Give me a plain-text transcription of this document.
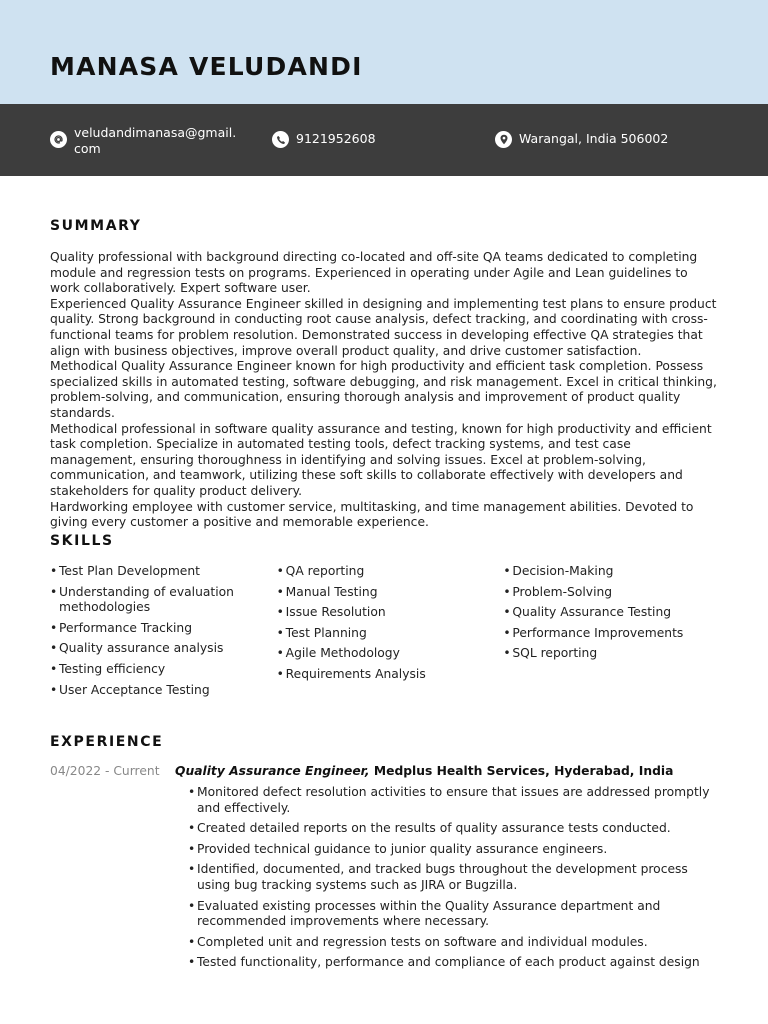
MANASA VELUDANDI
veludandimanasa@gmail.com
9121952608	Warangal, India 506002
SUMMARY

Quality professional with background directing co-located and off-site QA teams dedicated to completing module and regression tests on programs. Experienced in operating under Agile and Lean guidelines to work collaboratively. Expert software user.

Experienced Quality Assurance Engineer skilled in designing and implementing test plans to ensure product quality. Strong background in conducting root cause analysis, defect tracking, and coordinating with cross-functional teams for problem resolution. Demonstrated success in developing effective QA strategies that align with business objectives, improve overall product quality, and drive customer satisfaction.

Methodical Quality Assurance Engineer known for high productivity and efficient task completion. Possess specialized skills in automated testing, software debugging, and risk management. Excel in critical thinking, problem-solving, and communication, ensuring thorough analysis and improvement of product quality standards.

Methodical professional in software quality assurance and testing, known for high productivity and efficient task completion. Specialize in automated testing tools, defect tracking systems, and test case management, ensuring thoroughness in identifying and solving issues. Excel at problem-solving, communication, and teamwork, utilizing these soft skills to collaborate effectively with developers and stakeholders for quality product delivery.

Hardworking employee with customer service, multitasking, and time management abilities. Devoted to giving every customer a positive and memorable experience.

SKILLS
• Test Plan Development
• Understanding of evaluation methodologies
• Performance Tracking
• Quality assurance analysis
• Testing efficiency
• User Acceptance Testing
• QA reporting
• Manual Testing
• Issue Resolution
• Test Planning
• Agile Methodology
• Requirements Analysis
• Decision-Making
• Problem-Solving
• Quality Assurance Testing
• Performance Improvements
• SQL reporting
EXPERIENCE
04/2022 - Current Quality Assurance Engineer, Medplus Health Services, Hyderabad, India
• Monitored defect resolution activities to ensure that issues are addressed promptly and effectively.
• Created detailed reports on the results of quality assurance tests conducted.
• Provided technical guidance to junior quality assurance engineers.
• Identified, documented, and tracked bugs throughout the development process using bug tracking systems such as JIRA or Bugzilla.
• Evaluated existing processes within the Quality Assurance department and recommended improvements where necessary.
• Completed unit and regression tests on software and individual modules.
• Tested functionality, performance and compliance of each product against design
